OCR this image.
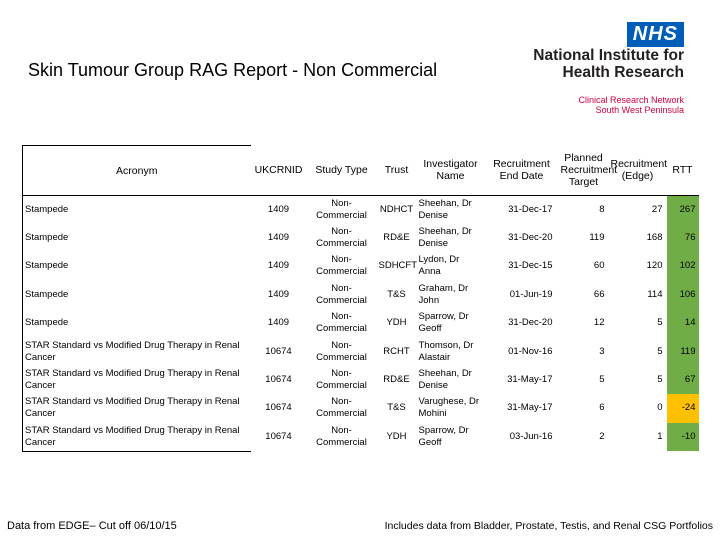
Skin Tumour Group RAG Report - Non Commercial
NHS
National Institute for
Health Research
Clinical Research Network
South West Peninsula
Acronym	UKCRNID	Study Type	Trust	Investigator Name	Recruitment End Date	Planned Recruitment Target	Recruitment (Edge)	RTT
Stampede	1409	Non-Commercial	NDHCT	Sheehan, Dr Denise	31-Dec-17	8	27	267
Stampede	1409	Non-Commercial	RD&E	Sheehan, Dr Denise	31-Dec-20	119	168	76
Stampede	1409	Non-Commercial	SDHCFT	Lydon, Dr Anna	31-Dec-15	60	120	102
Stampede	1409	Non-Commercial	T&S	Graham, Dr John	01-Jun-19	66	114	106
Stampede	1409	Non-Commercial	YDH	Sparrow, Dr Geoff	31-Dec-20	12	5	14
STAR Standard vs Modified Drug Therapy in Renal Cancer	10674	Non-Commercial	RCHT	Thomson, Dr Alastair	01-Nov-16	3	5	119
STAR Standard vs Modified Drug Therapy in Renal Cancer	10674	Non-Commercial	RD&E	Sheehan, Dr Denise	31-May-17	5	5	67
STAR Standard vs Modified Drug Therapy in Renal Cancer	10674	Non-Commercial	T&S	Varughese, Dr Mohini	31-May-17	6	0	-24
STAR Standard vs Modified Drug Therapy in Renal Cancer	10674	Non-Commercial	YDH	Sparrow, Dr Geoff	03-Jun-16	2	1	-10
Data from EDGE– Cut off 06/10/15	Includes data from Bladder, Prostate, Testis, and Renal CSG Portfolios
